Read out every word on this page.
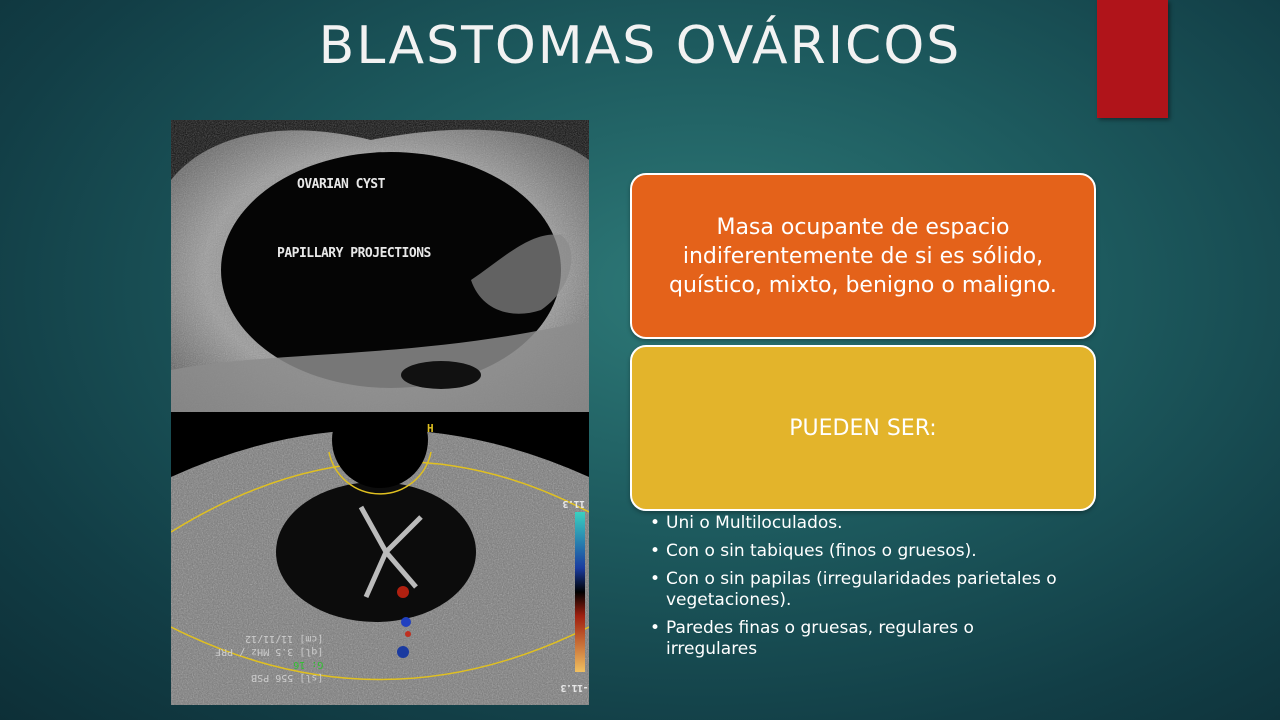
BLASTOMAS OVÁRICOS
OVARIAN CYST
PAPILLARY PROJECTIONS
H
11.3
-11.3
[sl] 556 PSB
G: 16
[ql] 3.5 MHz / PRF
[cm] 11/11/12
Masa ocupante de espacio indiferentemente de si es sólido, quístico, mixto, benigno o maligno.
PUEDEN SER:
• Uni o Multiloculados.
• Con o sin tabiques (finos o gruesos).
• Con o sin papilas (irregularidades parietales o vegetaciones).
• Paredes finas o gruesas, regulares o irregulares
